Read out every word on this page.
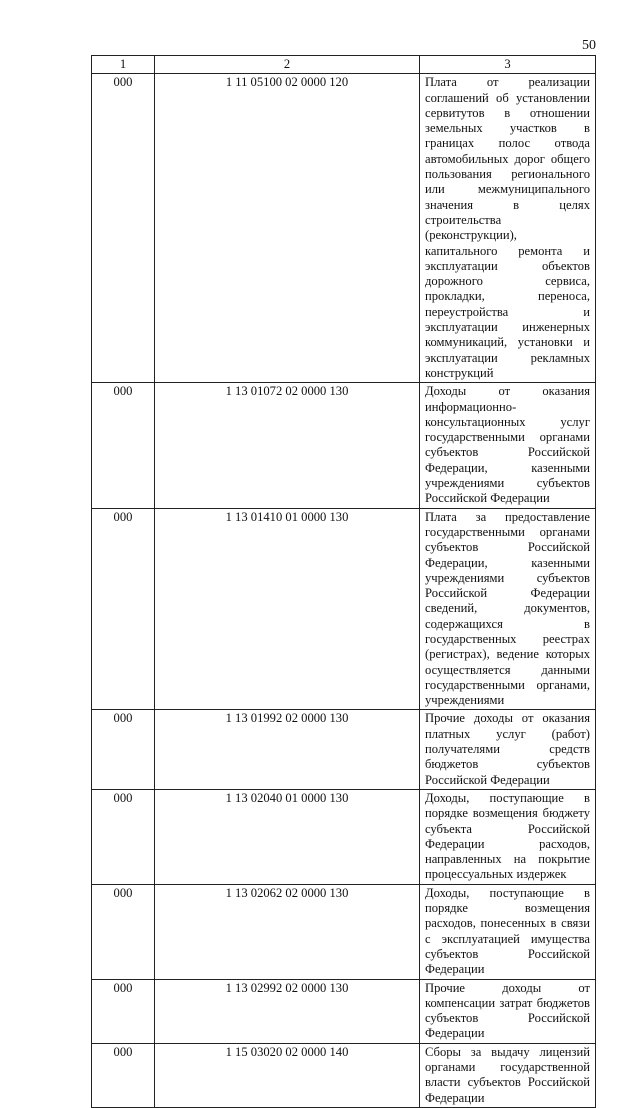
50
1	2	3
000	1 11 05100 02 0000 120	Плата от реализации соглашений об установлении сервитутов в отношении земельных участков в границах полос отвода автомобильных дорог общего пользования регионального или межмуниципального значения в целях строительства (реконструкции), капитального ремонта и эксплуатации объектов дорожного сервиса, прокладки, переноса, переустройства и эксплуатации инженерных коммуникаций, установки и эксплуатации рекламных конструкций
000	1 13 01072 02 0000 130	Доходы от оказания информационно-консультационных услуг государственными органами субъектов Российской Федерации, казенными учреждениями субъектов Российской Федерации
000	1 13 01410 01 0000 130	Плата за предоставление государственными органами субъектов Российской Федерации, казенными учреждениями субъектов Российской Федерации сведений, документов, содержащихся в государственных реестрах (регистрах), ведение которых осуществляется данными государственными органами, учреждениями
000	1 13 01992 02 0000 130	Прочие доходы от оказания платных услуг (работ) получателями средств бюджетов субъектов Российской Федерации
000	1 13 02040 01 0000 130	Доходы, поступающие в порядке возмещения бюджету субъекта Российской Федерации расходов, направленных на покрытие процессуальных издержек
000	1 13 02062 02 0000 130	Доходы, поступающие в порядке возмещения расходов, понесенных в связи с эксплуатацией имущества субъектов Российской Федерации
000	1 13 02992 02 0000 130	Прочие доходы от компенсации затрат бюджетов субъектов Российской Федерации
000	1 15 03020 02 0000 140	Сборы за выдачу лицензий органами государственной власти субъектов Российской Федерации
